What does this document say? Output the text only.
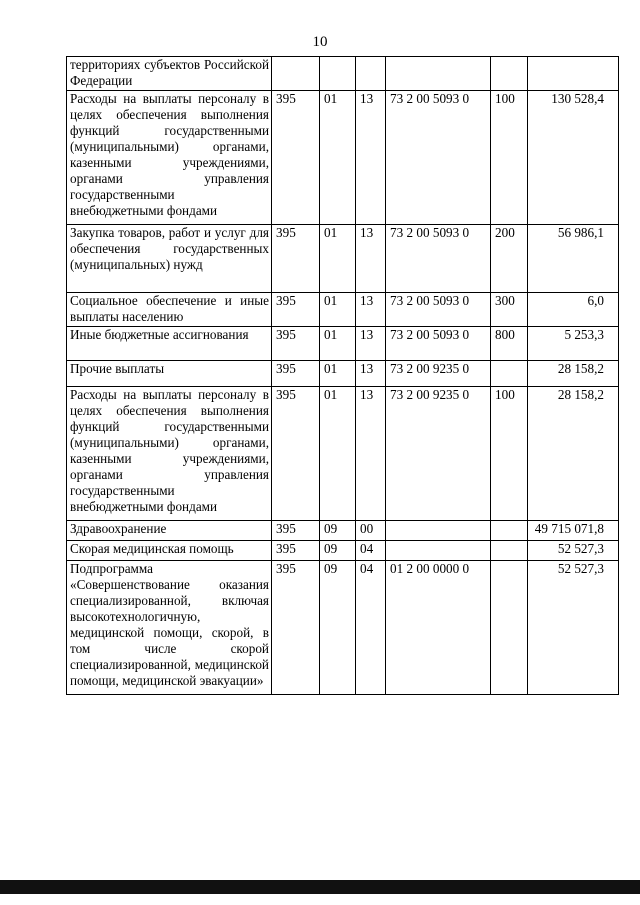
10
территориях субъектов Российской Федерации						
Расходы на выплаты персоналу в целях обеспечения выполнения функций государственными (муниципальными) органами, казенными учреждениями, органами управления государственными внебюджетными фондами	395	01	13	73 2 00 5093 0	100	130 528,4
Закупка товаров, работ и услуг для обеспечения государственных (муниципальных) нужд	395	01	13	73 2 00 5093 0	200	56 986,1
Социальное обеспечение и иные выплаты населению	395	01	13	73 2 00 5093 0	300	6,0
Иные бюджетные ассигнования	395	01	13	73 2 00 5093 0	800	5 253,3
Прочие выплаты	395	01	13	73 2 00 9235 0		28 158,2
Расходы на выплаты персоналу в целях обеспечения выполнения функций государственными (муниципальными) органами, казенными учреждениями, органами управления государственными внебюджетными фондами	395	01	13	73 2 00 9235 0	100	28 158,2
Здравоохранение	395	09	00			49 715 071,8
Скорая медицинская помощь	395	09	04			52 527,3
Подпрограмма «Совершенствование оказания специализированной, включая высокотехнологичную, медицинской помощи, скорой, в том числе скорой специализированной, медицинской помощи, медицинской эвакуации»	395	09	04	01 2 00 0000 0		52 527,3
